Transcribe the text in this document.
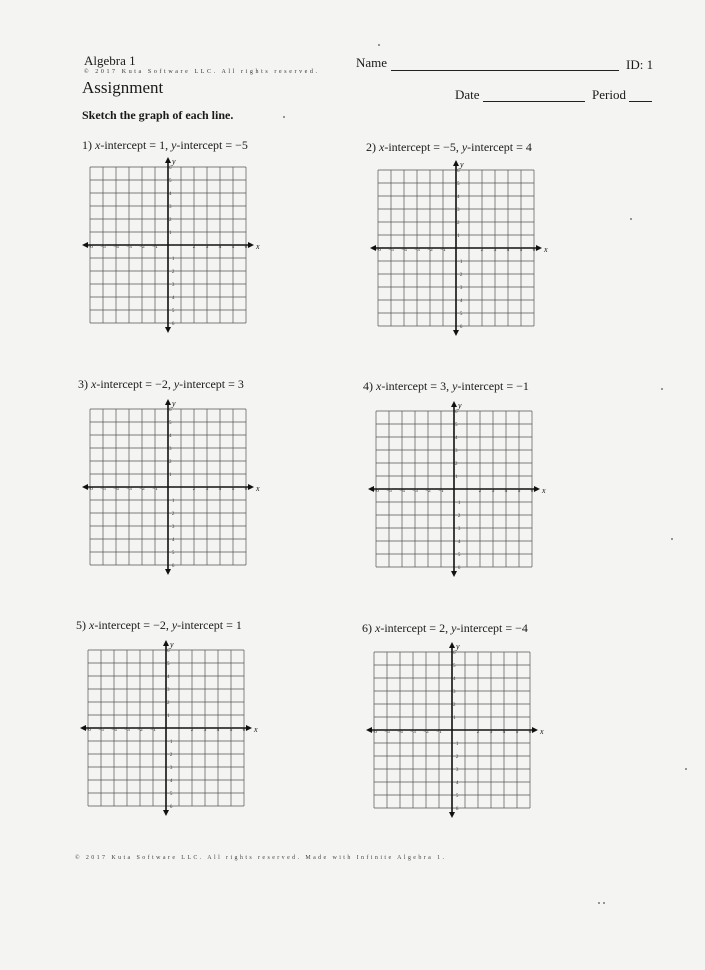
Algebra 1
© 2017 Kuta Software LLC. All rights reserved.
Assignment
Name	ID: 1
Date	Period
Sketch the graph of each line.
1) x-intercept = 1, y-intercept = −5
x
y
−6 −5 −4 −3 −2 −1	2 3 4 5 6
6
5
4
3
2
1
−1
−2
−3
−4
−5
−6
2) x-intercept = −5, y-intercept = 4
x
y
−6 −5 −4 −3 −2 −1	2 3 4 5 6
6
5
4
3
2
1
−1
−2
−3
−4
−5
−6
3) x-intercept = −2, y-intercept = 3
x
y
−6 −5 −4 −3 −2 −1	2 3 4 5 6
6
5
4
3
2
1
−1
−2
−3
−4
−5
−6
4) x-intercept = 3, y-intercept = −1
x
y
−6 −5 −4 −3 −2 −1	2 3 4 5 6
6
5
4
3
2
1
−1
−2
−3
−4
−5
−6
5) x-intercept = −2, y-intercept = 1
x
y
−6 −5 −4 −3 −2 −1	2 3 4 5 6
6
5
4
3
2
1
−1
−2
−3
−4
−5
−6
6) x-intercept = 2, y-intercept = −4
x
y
−6 −5 −4 −3 −2 −1	2 3 4 5 6
6
5
4
3
2
1
−1
−2
−3
−4
−5
−6
© 2017 Kuta Software LLC. All rights reserved. Made with Infinite Algebra 1.
